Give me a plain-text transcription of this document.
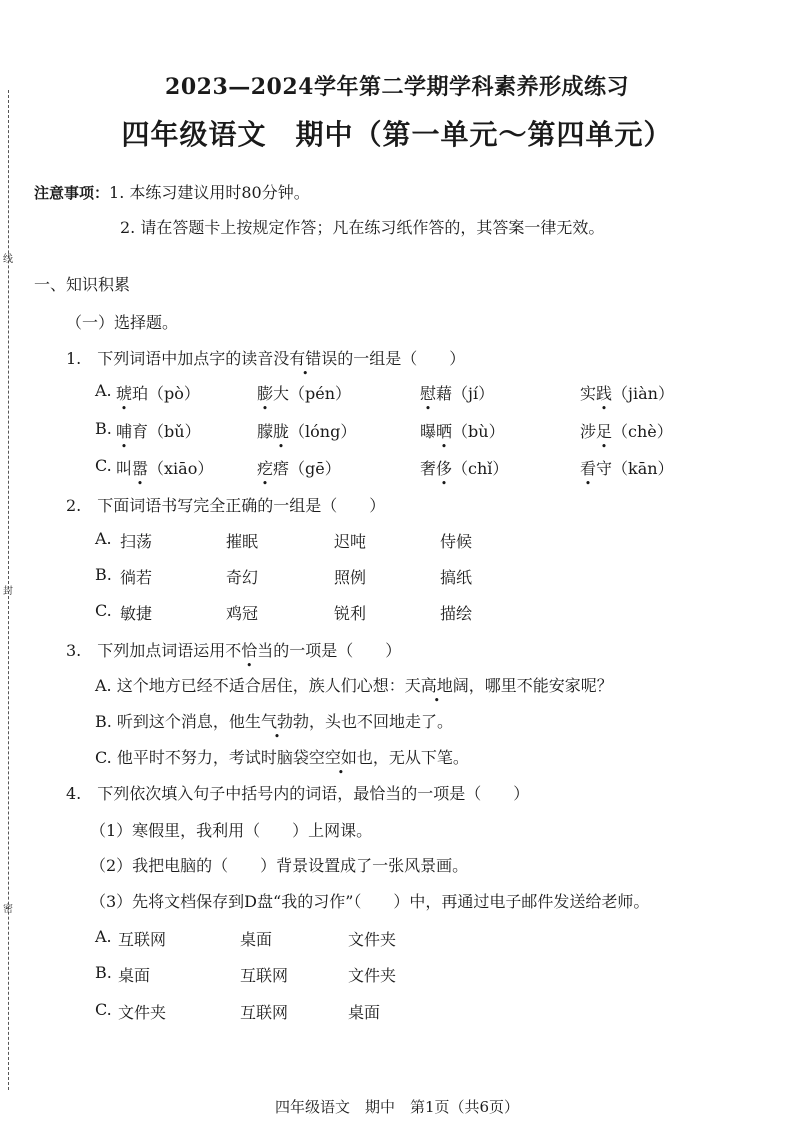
线
封
密
2023—2024学年第二学期学科素养形成练习
四年级语文　期中（第一单元～第四单元）
注意事项：1. 本练习建议用时80分钟。
2. 请在答题卡上按规定作答；凡在练习纸作答的，其答案一律无效。
一、知识积累
（一）选择题。
1.　下列词语中加点字的读音没有错误的一组是（　　）
A. 琥珀（pò）	膨大（pén）	慰藉（jí）	实践（jiàn）
B. 哺育（bǔ）	朦胧（lóng）	曝晒（bù）	涉足（chè）
C. 叫嚣（xiāo）	疙瘩（gē）	奢侈（chǐ）	看守（kān）
2.　下面词语书写完全正确的一组是（　　）
A. 扫荡	摧眠	迟吨	侍候
B. 徜若	奇幻	照例	搞纸
C. 敏捷	鸡冠	锐利	描绘
3.　下列加点词语运用不恰当的一项是（　　）
A. 这个地方已经不适合居住，族人们心想：天高地阔，哪里不能安家呢？
B. 听到这个消息，他生气勃勃，头也不回地走了。
C. 他平时不努力，考试时脑袋空空如也，无从下笔。
4.　下列依次填入句子中括号内的词语，最恰当的一项是（　　）
（1）寒假里，我利用（　　）上网课。
（2）我把电脑的（　　）背景设置成了一张风景画。
（3）先将文档保存到D盘“我的习作”（　　）中，再通过电子邮件发送给老师。
A. 互联网	桌面	文件夹
B. 桌面	互联网	文件夹
C. 文件夹	互联网	桌面
四年级语文　期中　第1页（共6页）
